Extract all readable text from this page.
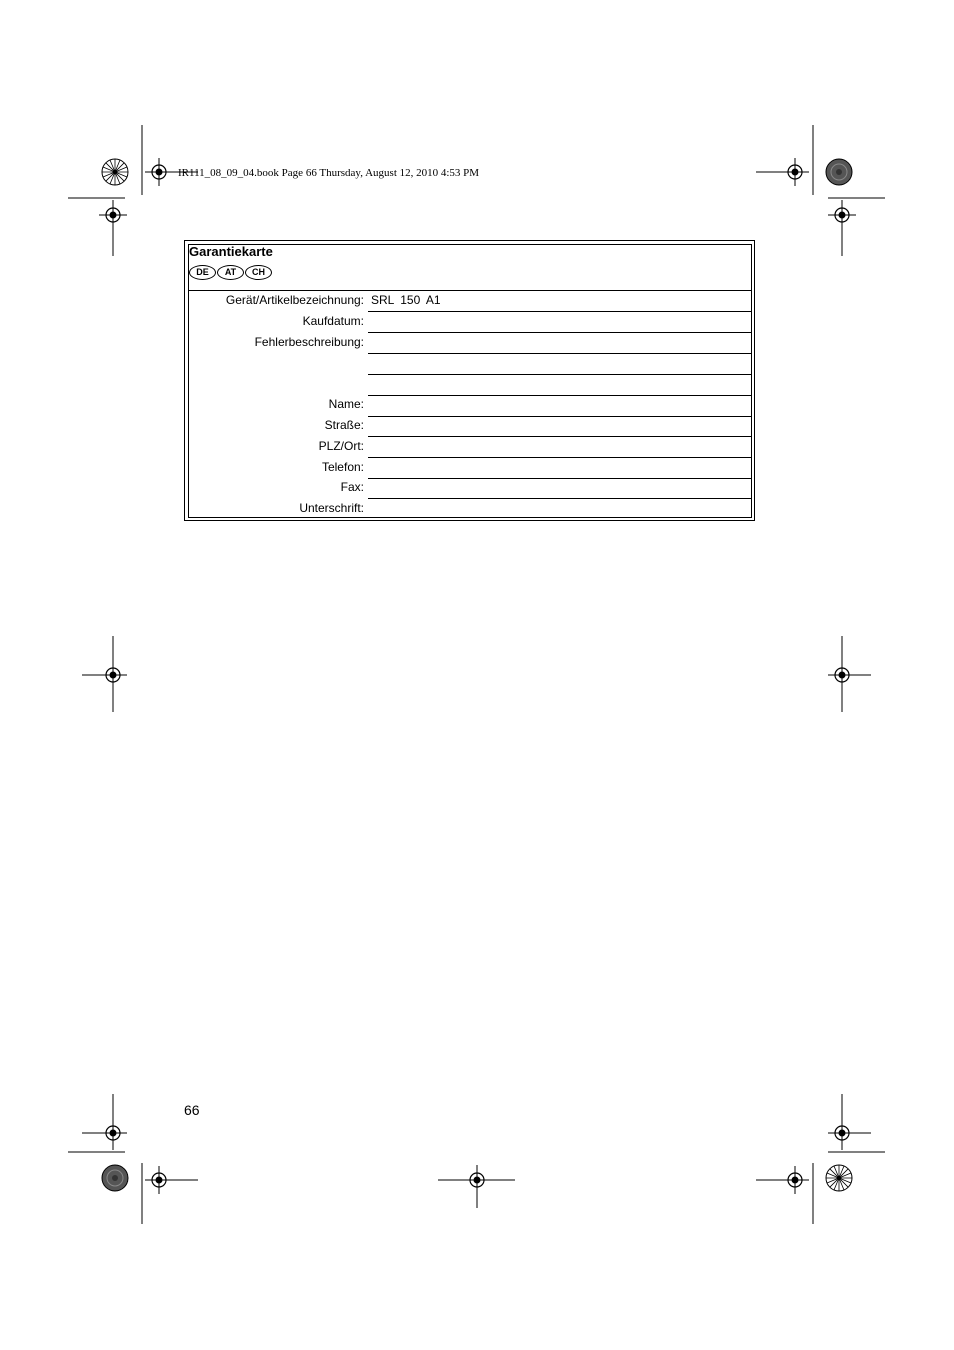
IR111_08_09_04.book Page 66 Thursday, August 12, 2010 4:53 PM
Garantiekarte
DE	AT	CH
Gerät/Artikelbezeichnung: SRL 150 A1
Kaufdatum:
Fehlerbeschreibung:
Name:
Straße:
PLZ/Ort:
Telefon:
Fax:
Unterschrift:
66
